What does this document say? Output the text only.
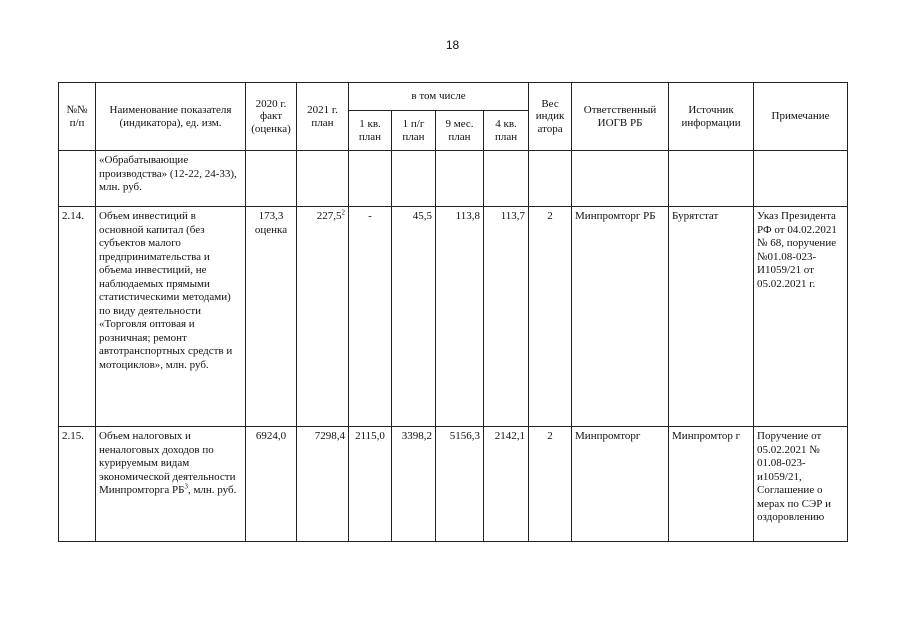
18
№№ п/п	Наименование показателя (индикатора), ед. изм.	2020 г. факт (оценка)	2021 г. план	в том числе				Вес индик атора	Ответственный ИОГВ РБ	Источник информации	Примечание
				1 кв. план	1 п/г план	9 мес. план	4 кв. план				
	«Обрабатывающие производства» (12-22, 24-33), млн. руб.										
2.14.	Объем инвестиций в основной капитал (без субъектов малого предпринимательства и объема инвестиций, не наблюдаемых прямыми статистическими методами) по виду деятельности «Торговля оптовая и розничная; ремонт автотранспортных средств и мотоциклов», млн. руб.	173,3 оценка	227,5$^2$	-	45,5	113,8	113,7	2	Минпромторг РБ	Бурятстат	Указ Президента РФ от 04.02.2021 № 68, поручение №01.08-023-И1059/21 от 05.02.2021 г.
2.15.	Объем налоговых и неналоговых доходов по курируемым видам экономической деятельности Минпромторга $РБ^3$, млн. руб.	6924,0	7298,4	2115,0	3398,2	5156,3	2142,1	2	Минпромторг	Минпромтор г	Поручение от 05.02.2021 № 01.08-023-и1059/21, Соглашение о мерах по СЭР и оздоровлению
